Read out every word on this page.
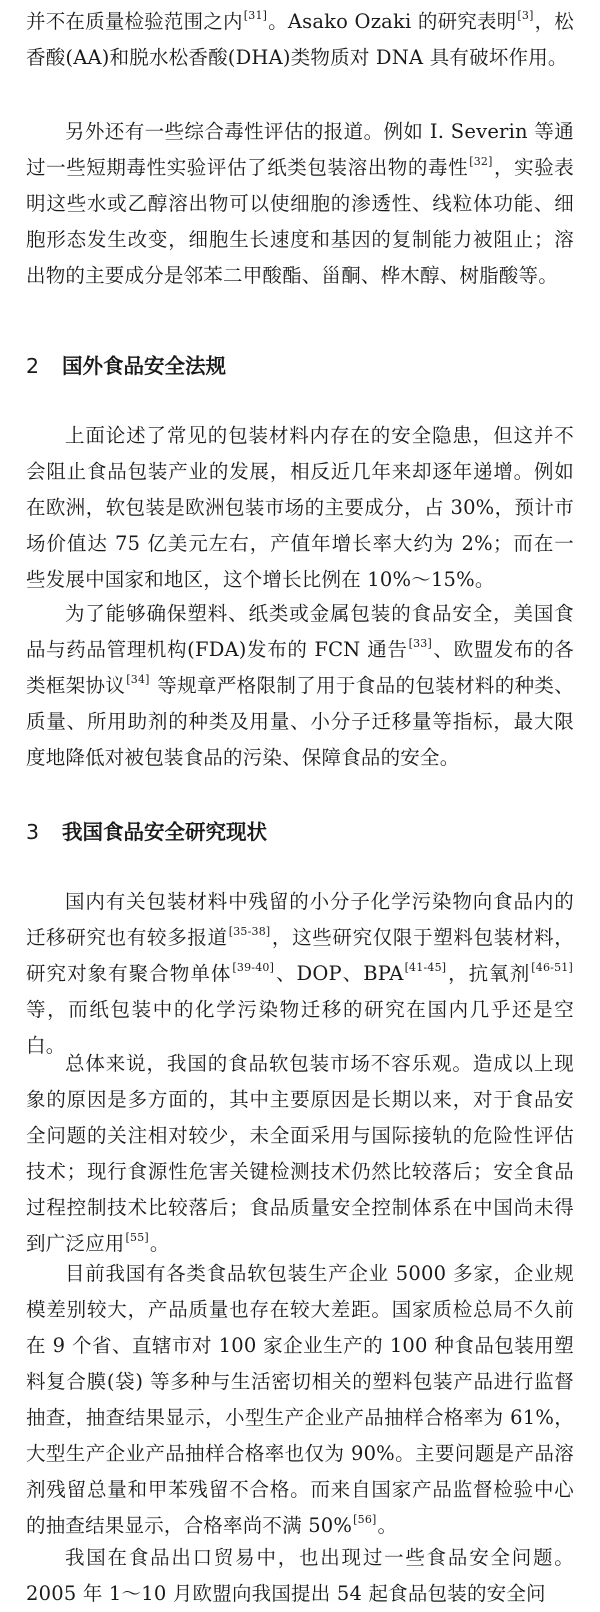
并不在质量检验范围之内[31]。Asako Ozaki 的研究表明[3]，松香酸(AA)和脱水松香酸(DHA)类物质对 DNA 具有破坏作用。

另外还有一些综合毒性评估的报道。例如 I. Severin 等通过一些短期毒性实验评估了纸类包装溶出物的毒性[32]，实验表明这些水或乙醇溶出物可以使细胞的渗透性、线粒体功能、细胞形态发生改变，细胞生长速度和基因的复制能力被阻止；溶出物的主要成分是邻苯二甲酸酯、甾酮、桦木醇、树脂酸等。

2 国外食品安全法规

上面论述了常见的包装材料内存在的安全隐患，但这并不会阻止食品包装产业的发展，相反近几年来却逐年递增。例如在欧洲，软包装是欧洲包装市场的主要成分，占 30%，预计市场价值达 75 亿美元左右，产值年增长率大约为 2%；而在一些发展中国家和地区，这个增长比例在 10%～15%。

为了能够确保塑料、纸类或金属包装的食品安全，美国食品与药品管理机构(FDA)发布的 FCN 通告[33]、欧盟发布的各类框架协议[34] 等规章严格限制了用于食品的包装材料的种类、质量、所用助剂的种类及用量、小分子迁移量等指标，最大限度地降低对被包装食品的污染、保障食品的安全。

3 我国食品安全研究现状

国内有关包装材料中残留的小分子化学污染物向食品内的迁移研究也有较多报道[35-38]，这些研究仅限于塑料包装材料，研究对象有聚合物单体[39-40]、DOP、BPA[41-45]，抗氧剂[46-51] 等，而纸包装中的化学污染物迁移的研究在国内几乎还是空白。

总体来说，我国的食品软包装市场不容乐观。造成以上现象的原因是多方面的，其中主要原因是长期以来，对于食品安全问题的关注相对较少，未全面采用与国际接轨的危险性评估技术；现行食源性危害关键检测技术仍然比较落后；安全食品过程控制技术比较落后；食品质量安全控制体系在中国尚未得到广泛应用[55]。

目前我国有各类食品软包装生产企业 5000 多家，企业规模差别较大，产品质量也存在较大差距。国家质检总局不久前在 9 个省、直辖市对 100 家企业生产的 100 种食品包装用塑料复合膜(袋) 等多种与生活密切相关的塑料包装产品进行监督抽查，抽查结果显示，小型生产企业产品抽样合格率为 61%，大型生产企业产品抽样合格率也仅为 90%。主要问题是产品溶剂残留总量和甲苯残留不合格。而来自国家产品监督检验中心的抽查结果显示，合格率尚不满 50%[56]。

我国在食品出口贸易中，也出现过一些食品安全问题。2005 年 1～10 月欧盟向我国提出 54 起食品包装的安全问
